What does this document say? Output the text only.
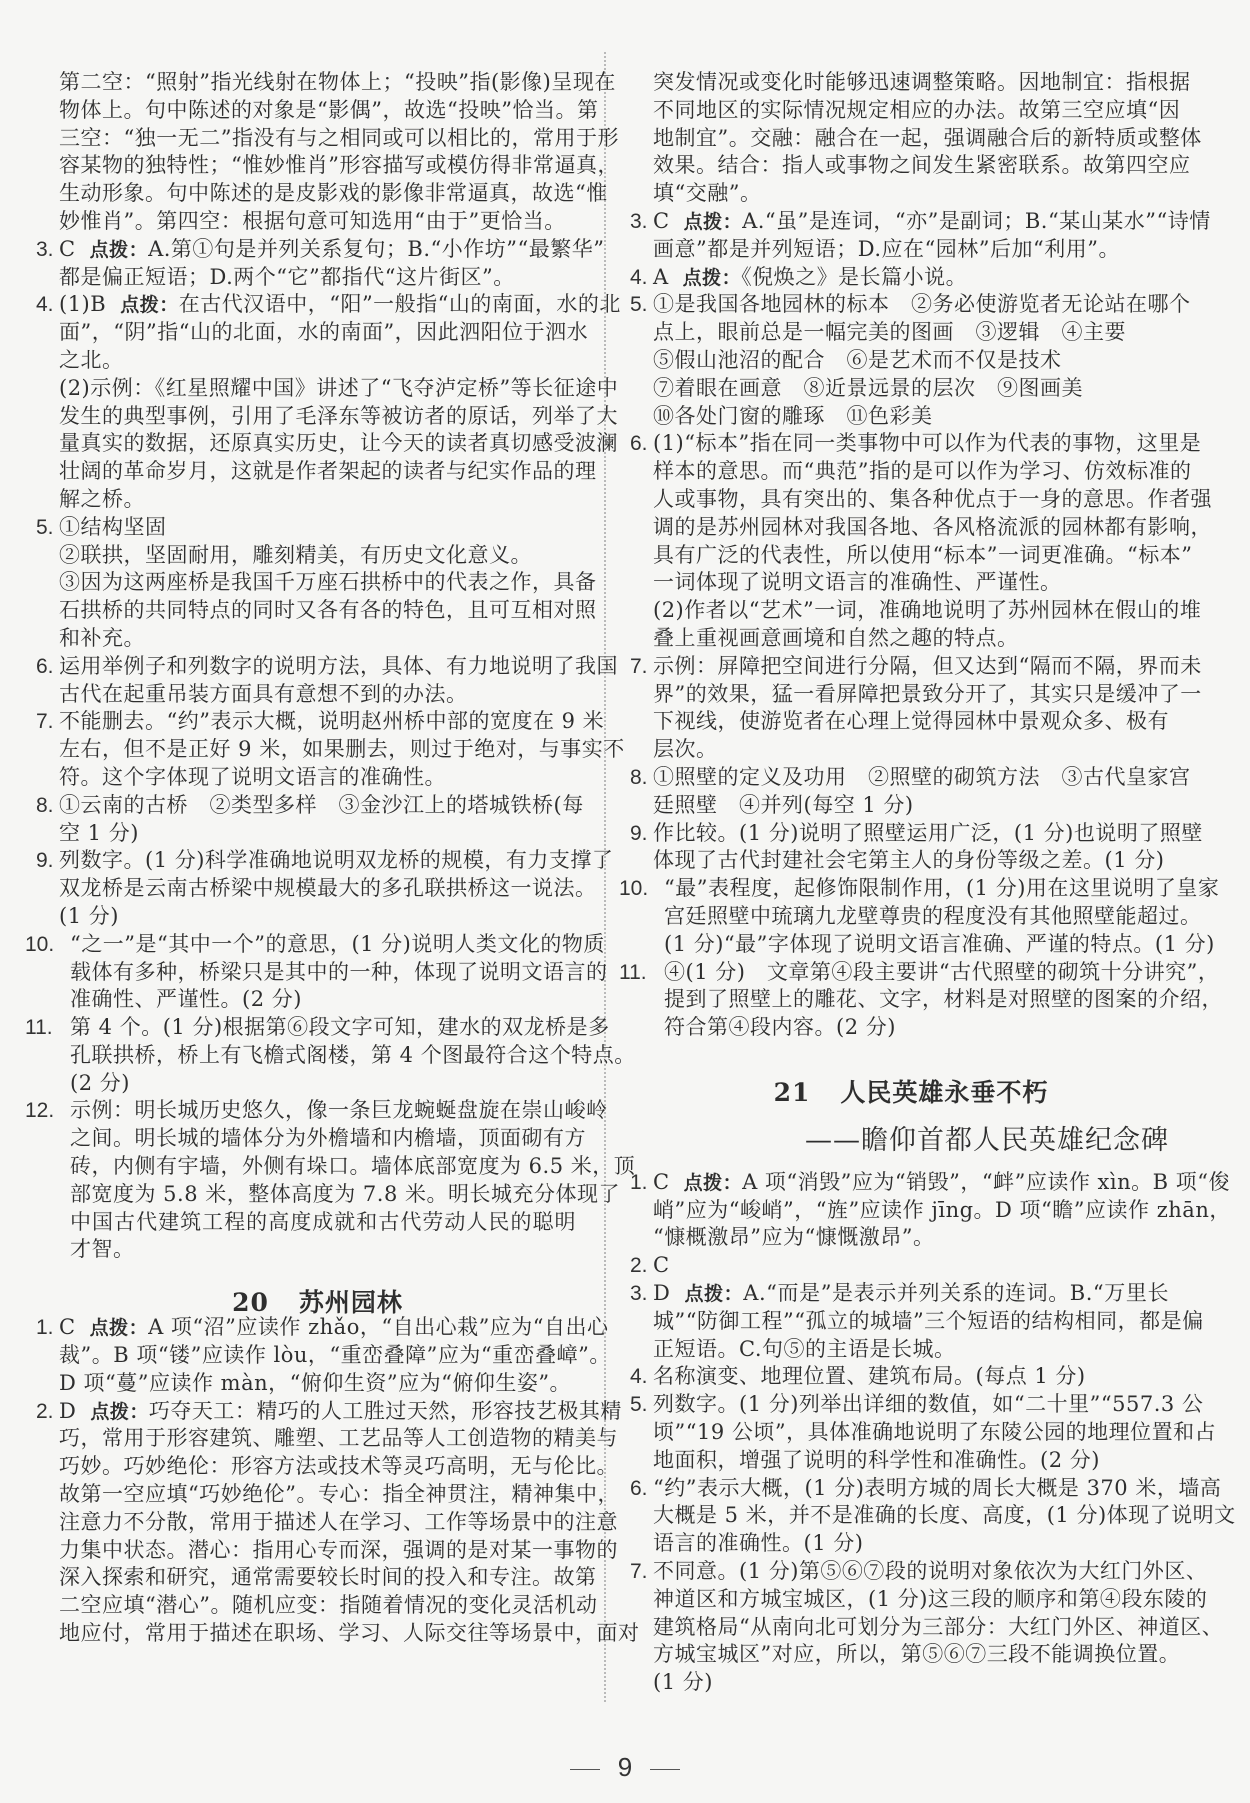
第二空：“照射”指光线射在物体上；“投映”指(影像)呈现在
物体上。句中陈述的对象是“影偶”，故选“投映”恰当。第
三空：“独一无二”指没有与之相同或可以相比的，常用于形
容某物的独特性；“惟妙惟肖”形容描写或模仿得非常逼真，
生动形象。句中陈述的是皮影戏的影像非常逼真，故选“惟
妙惟肖”。第四空：根据句意可知选用“由于”更恰当。
3. C 点拨：A.第①句是并列关系复句；B.“小作坊”“最繁华”
都是偏正短语；D.两个“它”都指代“这片街区”。
4. (1)B 点拨：在古代汉语中，“阳”一般指“山的南面，水的北
面”，“阴”指“山的北面，水的南面”，因此泗阳位于泗水
之北。
(2)示例：《红星照耀中国》讲述了“飞夺泸定桥”等长征途中
发生的典型事例，引用了毛泽东等被访者的原话，列举了大
量真实的数据，还原真实历史，让今天的读者真切感受波澜
壮阔的革命岁月，这就是作者架起的读者与纪实作品的理
解之桥。
5. ①结构坚固
②联拱，坚固耐用，雕刻精美，有历史文化意义。
③因为这两座桥是我国千万座石拱桥中的代表之作，具备
石拱桥的共同特点的同时又各有各的特色，且可互相对照
和补充。
6. 运用举例子和列数字的说明方法，具体、有力地说明了我国
古代在起重吊装方面具有意想不到的办法。
7. 不能删去。“约”表示大概，说明赵州桥中部的宽度在 9 米
左右，但不是正好 9 米，如果删去，则过于绝对，与事实不
符。这个字体现了说明文语言的准确性。
8. ①云南的古桥　②类型多样　③金沙江上的塔城铁桥(每
空 1 分)
9. 列数字。(1 分)科学准确地说明双龙桥的规模，有力支撑了
双龙桥是云南古桥梁中规模最大的多孔联拱桥这一说法。
(1 分)
10. “之一”是“其中一个”的意思，(1 分)说明人类文化的物质
载体有多种，桥梁只是其中的一种，体现了说明文语言的
准确性、严谨性。(2 分)
11. 第 4 个。(1 分)根据第⑥段文字可知，建水的双龙桥是多
孔联拱桥，桥上有飞檐式阁楼，第 4 个图最符合这个特点。
(2 分)
12. 示例：明长城历史悠久，像一条巨龙蜿蜒盘旋在崇山峻岭
之间。明长城的墙体分为外檐墙和内檐墙，顶面砌有方
砖，内侧有宇墙，外侧有垛口。墙体底部宽度为 6.5 米，顶
部宽度为 5.8 米，整体高度为 7.8 米。明长城充分体现了
中国古代建筑工程的高度成就和古代劳动人民的聪明
才智。
20 苏州园林
1. C 点拨：A 项“沼”应读作 zhǎo，“自出心栽”应为“自出心
裁”。B 项“镂”应读作 lòu，“重峦叠障”应为“重峦叠嶂”。
D 项“蔓”应读作 màn，“俯仰生资”应为“俯仰生姿”。
2. D 点拨：巧夺天工：精巧的人工胜过天然，形容技艺极其精
巧，常用于形容建筑、雕塑、工艺品等人工创造物的精美与
巧妙。巧妙绝伦：形容方法或技术等灵巧高明，无与伦比。
故第一空应填“巧妙绝伦”。专心：指全神贯注，精神集中，
注意力不分散，常用于描述人在学习、工作等场景中的注意
力集中状态。潜心：指用心专而深，强调的是对某一事物的
深入探索和研究，通常需要较长时间的投入和专注。故第
二空应填“潜心”。随机应变：指随着情况的变化灵活机动
地应付，常用于描述在职场、学习、人际交往等场景中，面对
突发情况或变化时能够迅速调整策略。因地制宜：指根据
不同地区的实际情况规定相应的办法。故第三空应填“因
地制宜”。交融：融合在一起，强调融合后的新特质或整体
效果。结合：指人或事物之间发生紧密联系。故第四空应
填“交融”。
3. C 点拨：A.“虽”是连词，“亦”是副词；B.“某山某水”“诗情
画意”都是并列短语；D.应在“园林”后加“利用”。
4. A 点拨：《倪焕之》是长篇小说。
5. ①是我国各地园林的标本　②务必使游览者无论站在哪个
点上，眼前总是一幅完美的图画　③逻辑　④主要
⑤假山池沼的配合　⑥是艺术而不仅是技术
⑦着眼在画意　⑧近景远景的层次　⑨图画美
⑩各处门窗的雕琢　⑪色彩美
6. (1)“标本”指在同一类事物中可以作为代表的事物，这里是
样本的意思。而“典范”指的是可以作为学习、仿效标准的
人或事物，具有突出的、集各种优点于一身的意思。作者强
调的是苏州园林对我国各地、各风格流派的园林都有影响，
具有广泛的代表性，所以使用“标本”一词更准确。“标本”
一词体现了说明文语言的准确性、严谨性。
(2)作者以“艺术”一词，准确地说明了苏州园林在假山的堆
叠上重视画意画境和自然之趣的特点。
7. 示例：屏障把空间进行分隔，但又达到“隔而不隔，界而未
界”的效果，猛一看屏障把景致分开了，其实只是缓冲了一
下视线，使游览者在心理上觉得园林中景观众多、极有
层次。
8. ①照壁的定义及功用　②照壁的砌筑方法　③古代皇家宫
廷照壁　④并列(每空 1 分)
9. 作比较。(1 分)说明了照壁运用广泛，(1 分)也说明了照壁
体现了古代封建社会宅第主人的身份等级之差。(1 分)
10. “最”表程度，起修饰限制作用，(1 分)用在这里说明了皇家
宫廷照壁中琉璃九龙壁尊贵的程度没有其他照壁能超过。
(1 分)“最”字体现了说明文语言准确、严谨的特点。(1 分)
11. ④(1 分)　文章第④段主要讲“古代照壁的砌筑十分讲究”，
提到了照壁上的雕花、文字，材料是对照壁的图案的介绍，
符合第④段内容。(2 分)
21 人民英雄永垂不朽
——瞻仰首都人民英雄纪念碑
1. C 点拨：A 项“消毁”应为“销毁”，“衅”应读作 xìn。B 项“俊
峭”应为“峻峭”，“旌”应读作 jīng。D 项“瞻”应读作 zhān，
“慷概激昂”应为“慷慨激昂”。
2. C
3. D 点拨：A.“而是”是表示并列关系的连词。B.“万里长
城”“防御工程”“孤立的城墙”三个短语的结构相同，都是偏
正短语。C.句⑤的主语是长城。
4. 名称演变、地理位置、建筑布局。(每点 1 分)
5. 列数字。(1 分)列举出详细的数值，如“二十里”“557.3 公
顷”“19 公顷”，具体准确地说明了东陵公园的地理位置和占
地面积，增强了说明的科学性和准确性。(2 分)
6. “约”表示大概，(1 分)表明方城的周长大概是 370 米，墙高
大概是 5 米，并不是准确的长度、高度，(1 分)体现了说明文
语言的准确性。(1 分)
7. 不同意。(1 分)第⑤⑥⑦段的说明对象依次为大红门外区、
神道区和方城宝城区，(1 分)这三段的顺序和第④段东陵的
建筑格局“从南向北可划分为三部分：大红门外区、神道区、
方城宝城区”对应，所以，第⑤⑥⑦三段不能调换位置。
(1 分)
9
